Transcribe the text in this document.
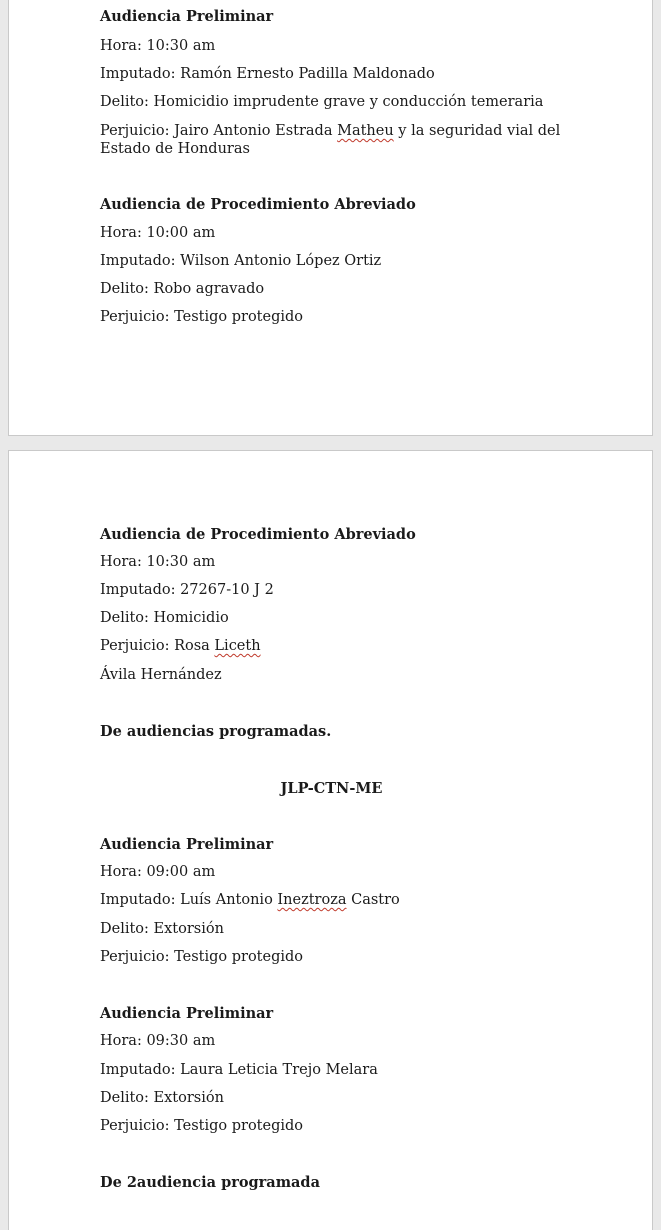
Audiencia Preliminar

Hora: 10:30 am

Imputado: Ramón Ernesto Padilla Maldonado

Delito: Homicidio imprudente grave y conducción temeraria

Perjuicio: Jairo Antonio Estrada Matheu y la seguridad vial del

Estado de Honduras

Audiencia de Procedimiento Abreviado

Hora: 10:00 am

Imputado: Wilson Antonio López Ortiz

Delito: Robo agravado

Perjuicio: Testigo protegido

Audiencia de Procedimiento Abreviado

Hora: 10:30 am

Imputado: 27267-10 J 2

Delito: Homicidio

Perjuicio: Rosa Liceth

Ávila Hernández

De audiencias programadas.

JLP-CTN-ME

Audiencia Preliminar

Hora: 09:00 am

Imputado: Luís Antonio Ineztroza Castro

Delito: Extorsión

Perjuicio: Testigo protegido

Audiencia Preliminar

Hora: 09:30 am

Imputado: Laura Leticia Trejo Melara

Delito: Extorsión

Perjuicio: Testigo protegido

De 2audiencia programada
